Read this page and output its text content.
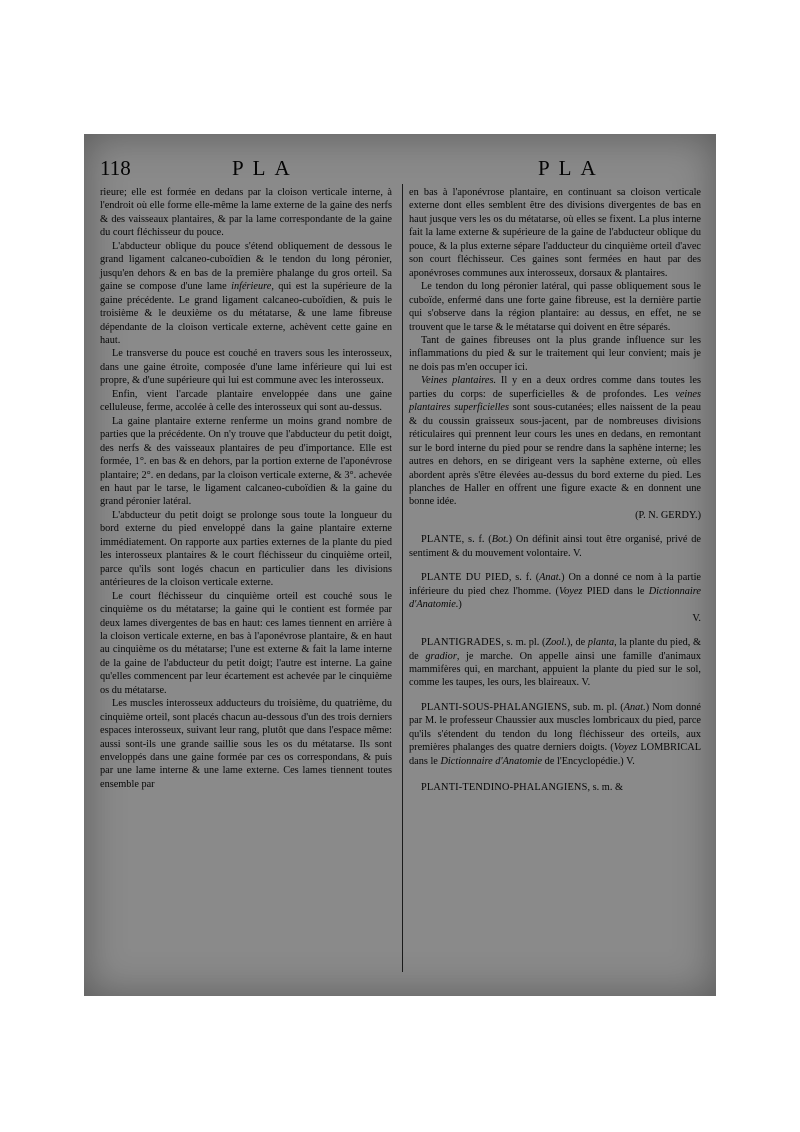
118	PLA	PLA

rieure; elle est formée en dedans par la cloison verticale interne, à l'endroit où elle forme elle-même la lame externe de la gaine des nerfs & des vaisseaux plantaires, & par la lame correspondante de la gaine du court fléchisseur du pouce.

L'abducteur oblique du pouce s'étend obliquement de dessous le grand ligament calcaneo-cuboïdien & le tendon du long péronier, jusqu'en dehors & en bas de la première phalange du gros orteil. Sa gaine se compose d'une lame inférieure, qui est la supérieure de la gaine précédente. Le grand ligament calcaneo-cuboïdien, & puis le troisième & le deuxième os du métatarse, & une lame fibreuse dépendante de la cloison verticale externe, achèvent cette gaine en haut.

Le transverse du pouce est couché en travers sous les interosseux, dans une gaine étroite, composée d'une lame inférieure qui lui est propre, & d'une supérieure qui lui est commune avec les interosseux.

Enfin, vient l'arcade plantaire enveloppée dans une gaine celluleuse, ferme, accolée à celle des interosseux qui sont au-dessus.

La gaine plantaire externe renferme un moins grand nombre de parties que la précédente. On n'y trouve que l'abducteur du petit doigt, des nerfs & des vaisseaux plantaires de peu d'importance. Elle est formée, 1°. en bas & en dehors, par la portion externe de l'aponévrose plantaire; 2°. en dedans, par la cloison verticale externe, & 3°. achevée en haut par le tarse, le ligament calcaneo-cuboïdien & la gaine du grand péronier latéral.

L'abducteur du petit doigt se prolonge sous toute la longueur du bord externe du pied enveloppé dans la gaine plantaire externe immédiatement. On rapporte aux parties externes de la plante du pied les interosseux plantaires & le court fléchisseur du cinquième orteil, parce qu'ils sont logés chacun en particulier dans les divisions antérieures de la cloison verticale externe.

Le court fléchisseur du cinquième orteil est couché sous le cinquième os du métatarse; la gaine qui le contient est formée par deux lames divergentes de bas en haut: ces lames tiennent en arrière à la cloison verticale externe, en bas à l'aponévrose plantaire, & en haut au cinquième os du métatarse; l'une est externe & fait la lame interne de la gaine de l'abducteur du petit doigt; l'autre est interne. La gaine qu'elles commencent par leur écartement est achevée par le cinquième os du métatarse.

Les muscles interosseux adducteurs du troisième, du quatrième, du cinquième orteil, sont placés chacun au-dessous d'un des trois derniers espaces interosseux, suivant leur rang, plutôt que dans l'espace même: aussi sont-ils une grande saillie sous les os du métatarse. Ils sont enveloppés dans une gaine formée par ces os correspondans, & puis par une lame interne & une lame externe. Ces lames tiennent toutes ensemble par

en bas à l'aponévrose plantaire, en continuant sa cloison verticale externe dont elles semblent être des divisions divergentes de bas en haut jusque vers les os du métatarse, où elles se fixent. La plus interne fait la lame externe & supérieure de la gaine de l'abducteur oblique du pouce, & la plus externe sépare l'adducteur du cinquième orteil d'avec son court fléchisseur. Ces gaines sont fermées en haut par des aponévroses communes aux interosseux, dorsaux & plantaires.

Le tendon du long péronier latéral, qui passe obliquement sous le cuboïde, enfermé dans une forte gaine fibreuse, est la dernière partie qui s'observe dans la région plantaire: au dessus, en effet, ne se trouvent que le tarse & le métatarse qui doivent en être séparés.

Tant de gaines fibreuses ont la plus grande influence sur les inflammations du pied & sur le traitement qui leur convient; mais je ne dois pas m'en occuper ici.

Veines plantaires. Il y en a deux ordres comme dans toutes les parties du corps: de superficielles & de profondes. Les veines plantaires superficielles sont sous-cutanées; elles naissent de la peau & du coussin graisseux sous-jacent, par de nombreuses divisions réticulaires qui prennent leur cours les unes en dedans, en remontant sur le bord interne du pied pour se rendre dans la saphène interne; les autres en dehors, en se dirigeant vers la saphène externe, où elles abordent après s'être élevées au-dessus du bord externe du pied. Les planches de Haller en offrent une figure exacte & en donnent une bonne idée.

(P. N. GERDY.)

PLANTE, s. f. (Bot.) On définit ainsi tout être organisé, privé de sentiment & du mouvement volontaire. V.

PLANTE DU PIED, s. f. (Anat.) On a donné ce nom à la partie inférieure du pied chez l'homme. (Voyez PIED dans le Dictionnaire d'Anatomie.)

V.

PLANTIGRADES, s. m. pl. (Zool.), de planta, la plante du pied, & de gradior, je marche. On appelle ainsi une famille d'animaux mammifères qui, en marchant, appuient la plante du pied sur le sol, comme les taupes, les ours, les blaireaux. V.

PLANTI-SOUS-PHALANGIENS, sub. m. pl. (Anat.) Nom donné par M. le professeur Chaussier aux muscles lombricaux du pied, parce qu'ils s'étendent du tendon du long fléchisseur des orteils, aux premières phalanges des quatre derniers doigts. (Voyez LOMBRICAL dans le Dictionnaire d'Anatomie de l'Encyclopédie.) V.

PLANTI-TENDINO-PHALANGIENS, s. m. &
